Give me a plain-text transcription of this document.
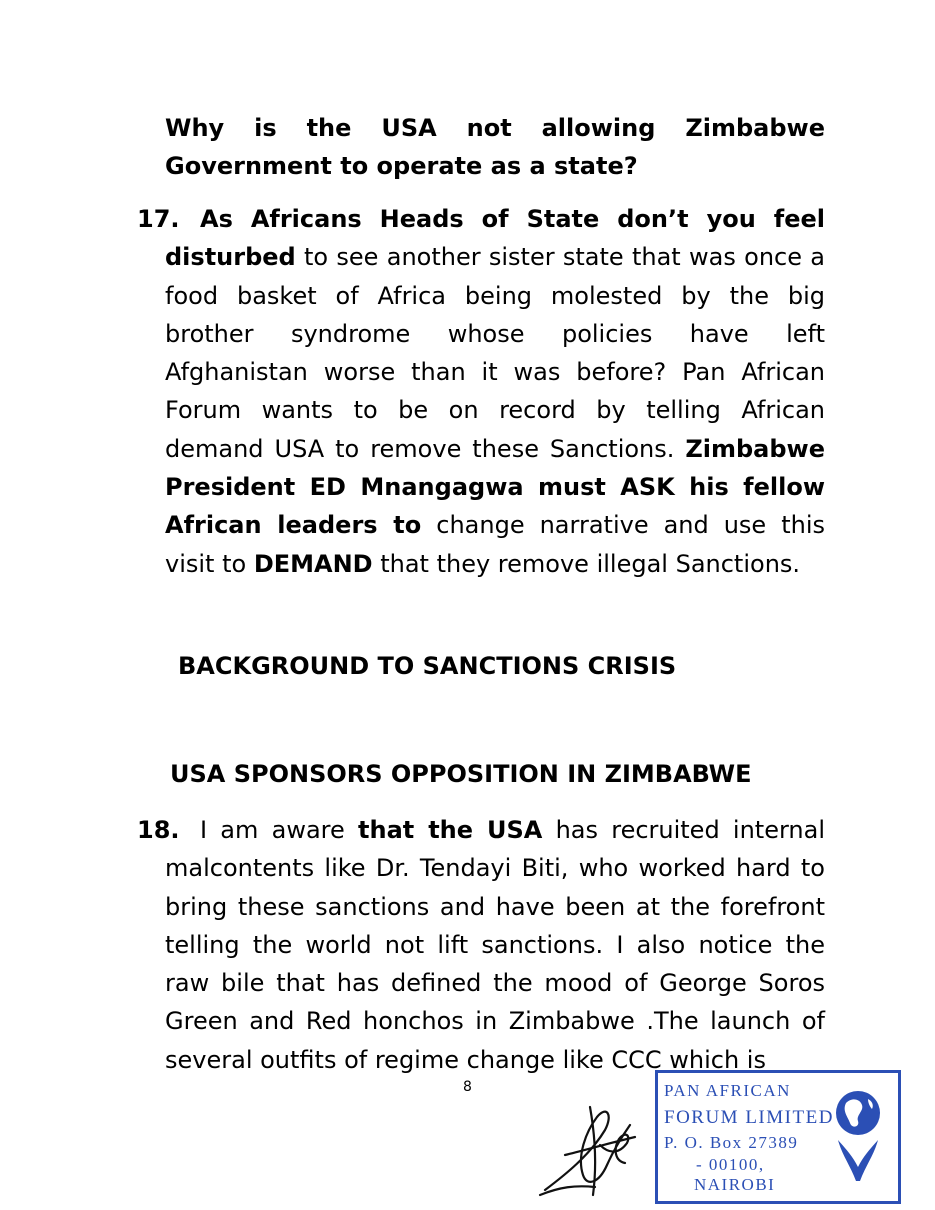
Why is the USA not allowing Zimbabwe Government to operate as a state?
17. As Africans Heads of State don’t you feel disturbed to see another sister state that was once a food basket of Africa being molested by the big brother syndrome whose policies have left Afghanistan worse than it was before? Pan African Forum wants to be on record by telling African demand USA to remove these Sanctions. Zimbabwe President ED Mnangagwa must ASK his fellow African leaders to change narrative and use this visit to DEMAND that they remove illegal Sanctions.
BACKGROUND TO SANCTIONS CRISIS
USA SPONSORS OPPOSITION IN ZIMBABWE
18. I am aware that the USA has recruited internal malcontents like Dr. Tendayi Biti, who worked hard to bring these sanctions and have been at the forefront telling the world not lift sanctions. I also notice the raw bile that has defined the mood of George Soros Green and Red honchos in Zimbabwe .The launch of several outfits of regime change like CCC which is
8	PAN AFRICAN
FORUM LIMITED
P. O. Box 27389
- 00100,
NAIROBI
